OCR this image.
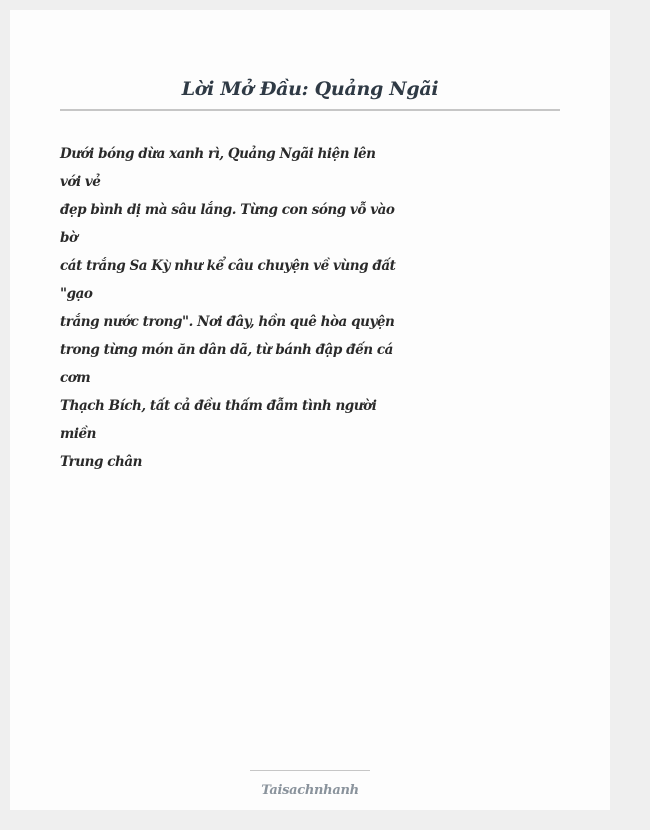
Lời Mở Đầu: Quảng Ngãi
Dưới bóng dừa xanh rì, Quảng Ngãi hiện lên
với vẻ
đẹp bình dị mà sâu lắng. Từng con sóng vỗ vào
bờ
cát trắng Sa Kỳ như kể câu chuyện về vùng đất
"gạo
trắng nước trong". Nơi đây, hồn quê hòa quyện
trong từng món ăn dân dã, từ bánh đập đến cá
cơm
Thạch Bích, tất cả đều thấm đẫm tình người
miền
Trung chân
Taisachnhanh
